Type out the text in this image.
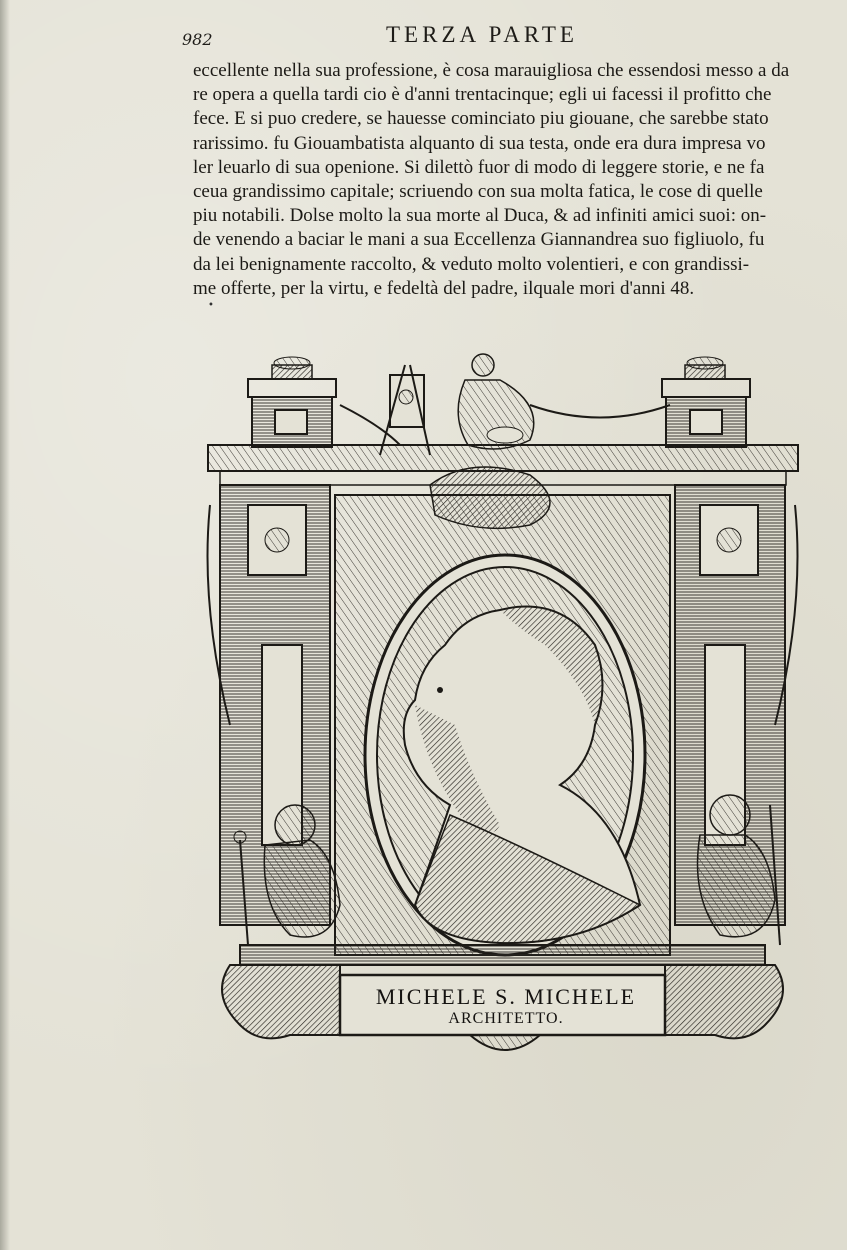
982	TERZA PARTE
eccellente nella sua professione, è cosa marauigliosa che essendosi messo a da
re opera a quella tardi cio è d'anni trentacinque; egli ui facessi il profitto che
fece. E si puo credere, se hauesse cominciato piu giouane, che sarebbe stato
rarissimo. fu Giouambatista alquanto di sua testa, onde era dura impresa vo
ler leuarlo di sua openione. Si dilettò fuor di modo di leggere storie, e ne fa
ceua grandissimo capitale; scriuendo con sua molta fatica, le cose di quelle
piu notabili. Dolse molto la sua morte al Duca, & ad infiniti amici suoi: on-
de venendo a baciar le mani a sua Eccellenza Giannandrea suo figliuolo, fu
da lei benignamente raccolto, & veduto molto volentieri, e con grandissi-
me offerte, per la virtu, e fedeltà del padre, ilquale mori d'anni 48.
•
MICHELE S. MICHELE
ARCHITETTO.
